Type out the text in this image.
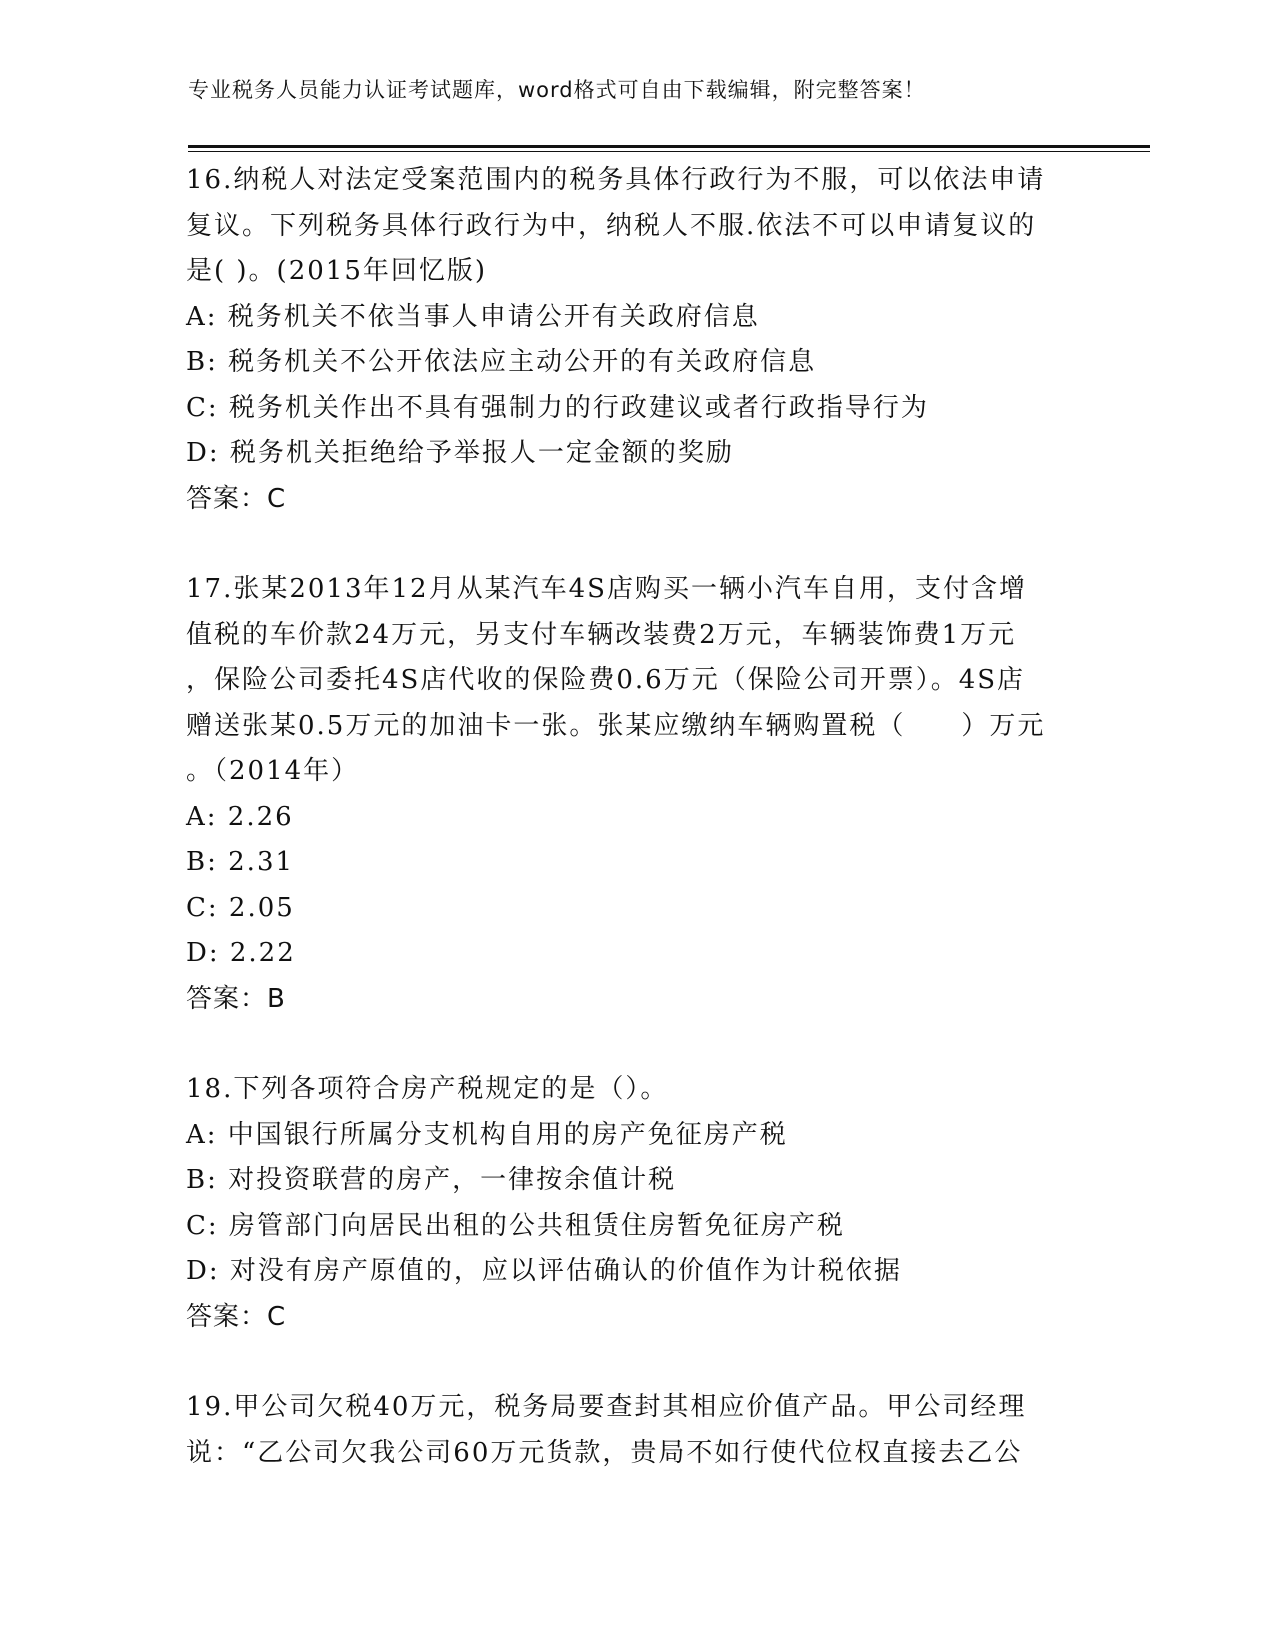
专业税务人员能力认证考试题库，word格式可自由下载编辑，附完整答案！
16.纳税人对法定受案范围内的税务具体行政行为不服，可以依法申请
复议。下列税务具体行政行为中，纳税人不服.依法不可以申请复议的
是( )。(2015年回忆版)
A: 税务机关不依当事人申请公开有关政府信息
B: 税务机关不公开依法应主动公开的有关政府信息
C: 税务机关作出不具有强制力的行政建议或者行政指导行为
D: 税务机关拒绝给予举报人一定金额的奖励
答案：C
17.张某2013年12月从某汽车4S店购买一辆小汽车自用，支付含增
值税的车价款24万元，另支付车辆改装费2万元，车辆装饰费1万元
，保险公司委托4S店代收的保险费0.6万元（保险公司开票）。4S店
赠送张某0.5万元的加油卡一张。张某应缴纳车辆购置税（　　）万元
。（2014年）
A: 2.26
B: 2.31
C: 2.05
D: 2.22
答案：B
18.下列各项符合房产税规定的是（）。
A: 中国银行所属分支机构自用的房产免征房产税
B: 对投资联营的房产，一律按余值计税
C: 房管部门向居民出租的公共租赁住房暂免征房产税
D: 对没有房产原值的，应以评估确认的价值作为计税依据
答案：C
19.甲公司欠税40万元，税务局要查封其相应价值产品。甲公司经理
说：“乙公司欠我公司60万元货款，贵局不如行使代位权直接去乙公
